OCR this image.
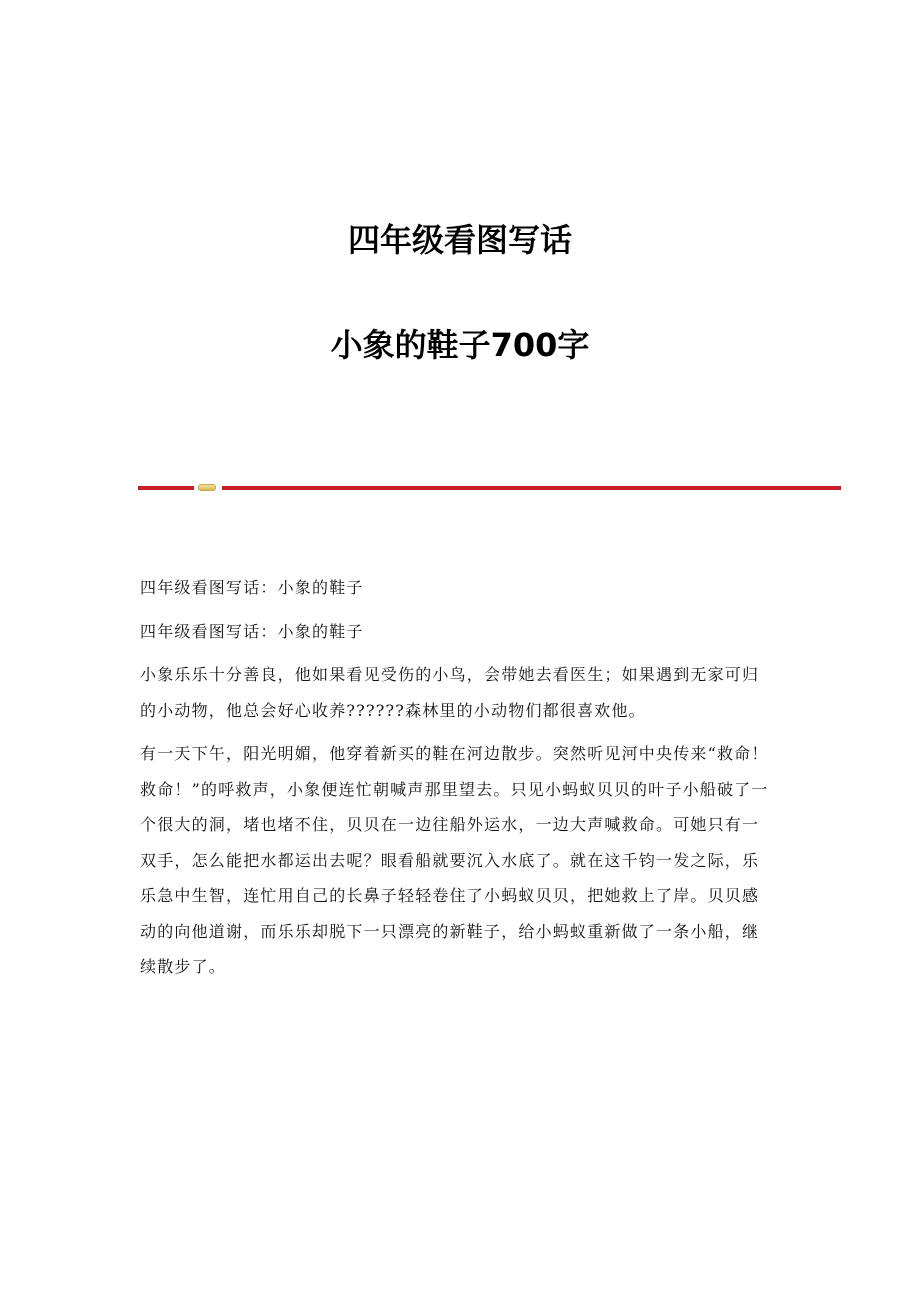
四年级看图写话
小象的鞋子700字

四年级看图写话：小象的鞋子

四年级看图写话：小象的鞋子

小象乐乐十分善良，他如果看见受伤的小鸟，会带她去看医生；如果遇到无家可归的小动物，他总会好心收养??????森林里的小动物们都很喜欢他。

有一天下午，阳光明媚，他穿着新买的鞋在河边散步。突然听见河中央传来“救命！救命！”的呼救声，小象便连忙朝喊声那里望去。只见小蚂蚁贝贝的叶子小船破了一个很大的洞，堵也堵不住，贝贝在一边往船外运水，一边大声喊救命。可她只有一双手，怎么能把水都运出去呢？眼看船就要沉入水底了。就在这千钧一发之际，乐乐急中生智，连忙用自己的长鼻子轻轻卷住了小蚂蚁贝贝，把她救上了岸。贝贝感动的向他道谢，而乐乐却脱下一只漂亮的新鞋子，给小蚂蚁重新做了一条小船，继续散步了。
